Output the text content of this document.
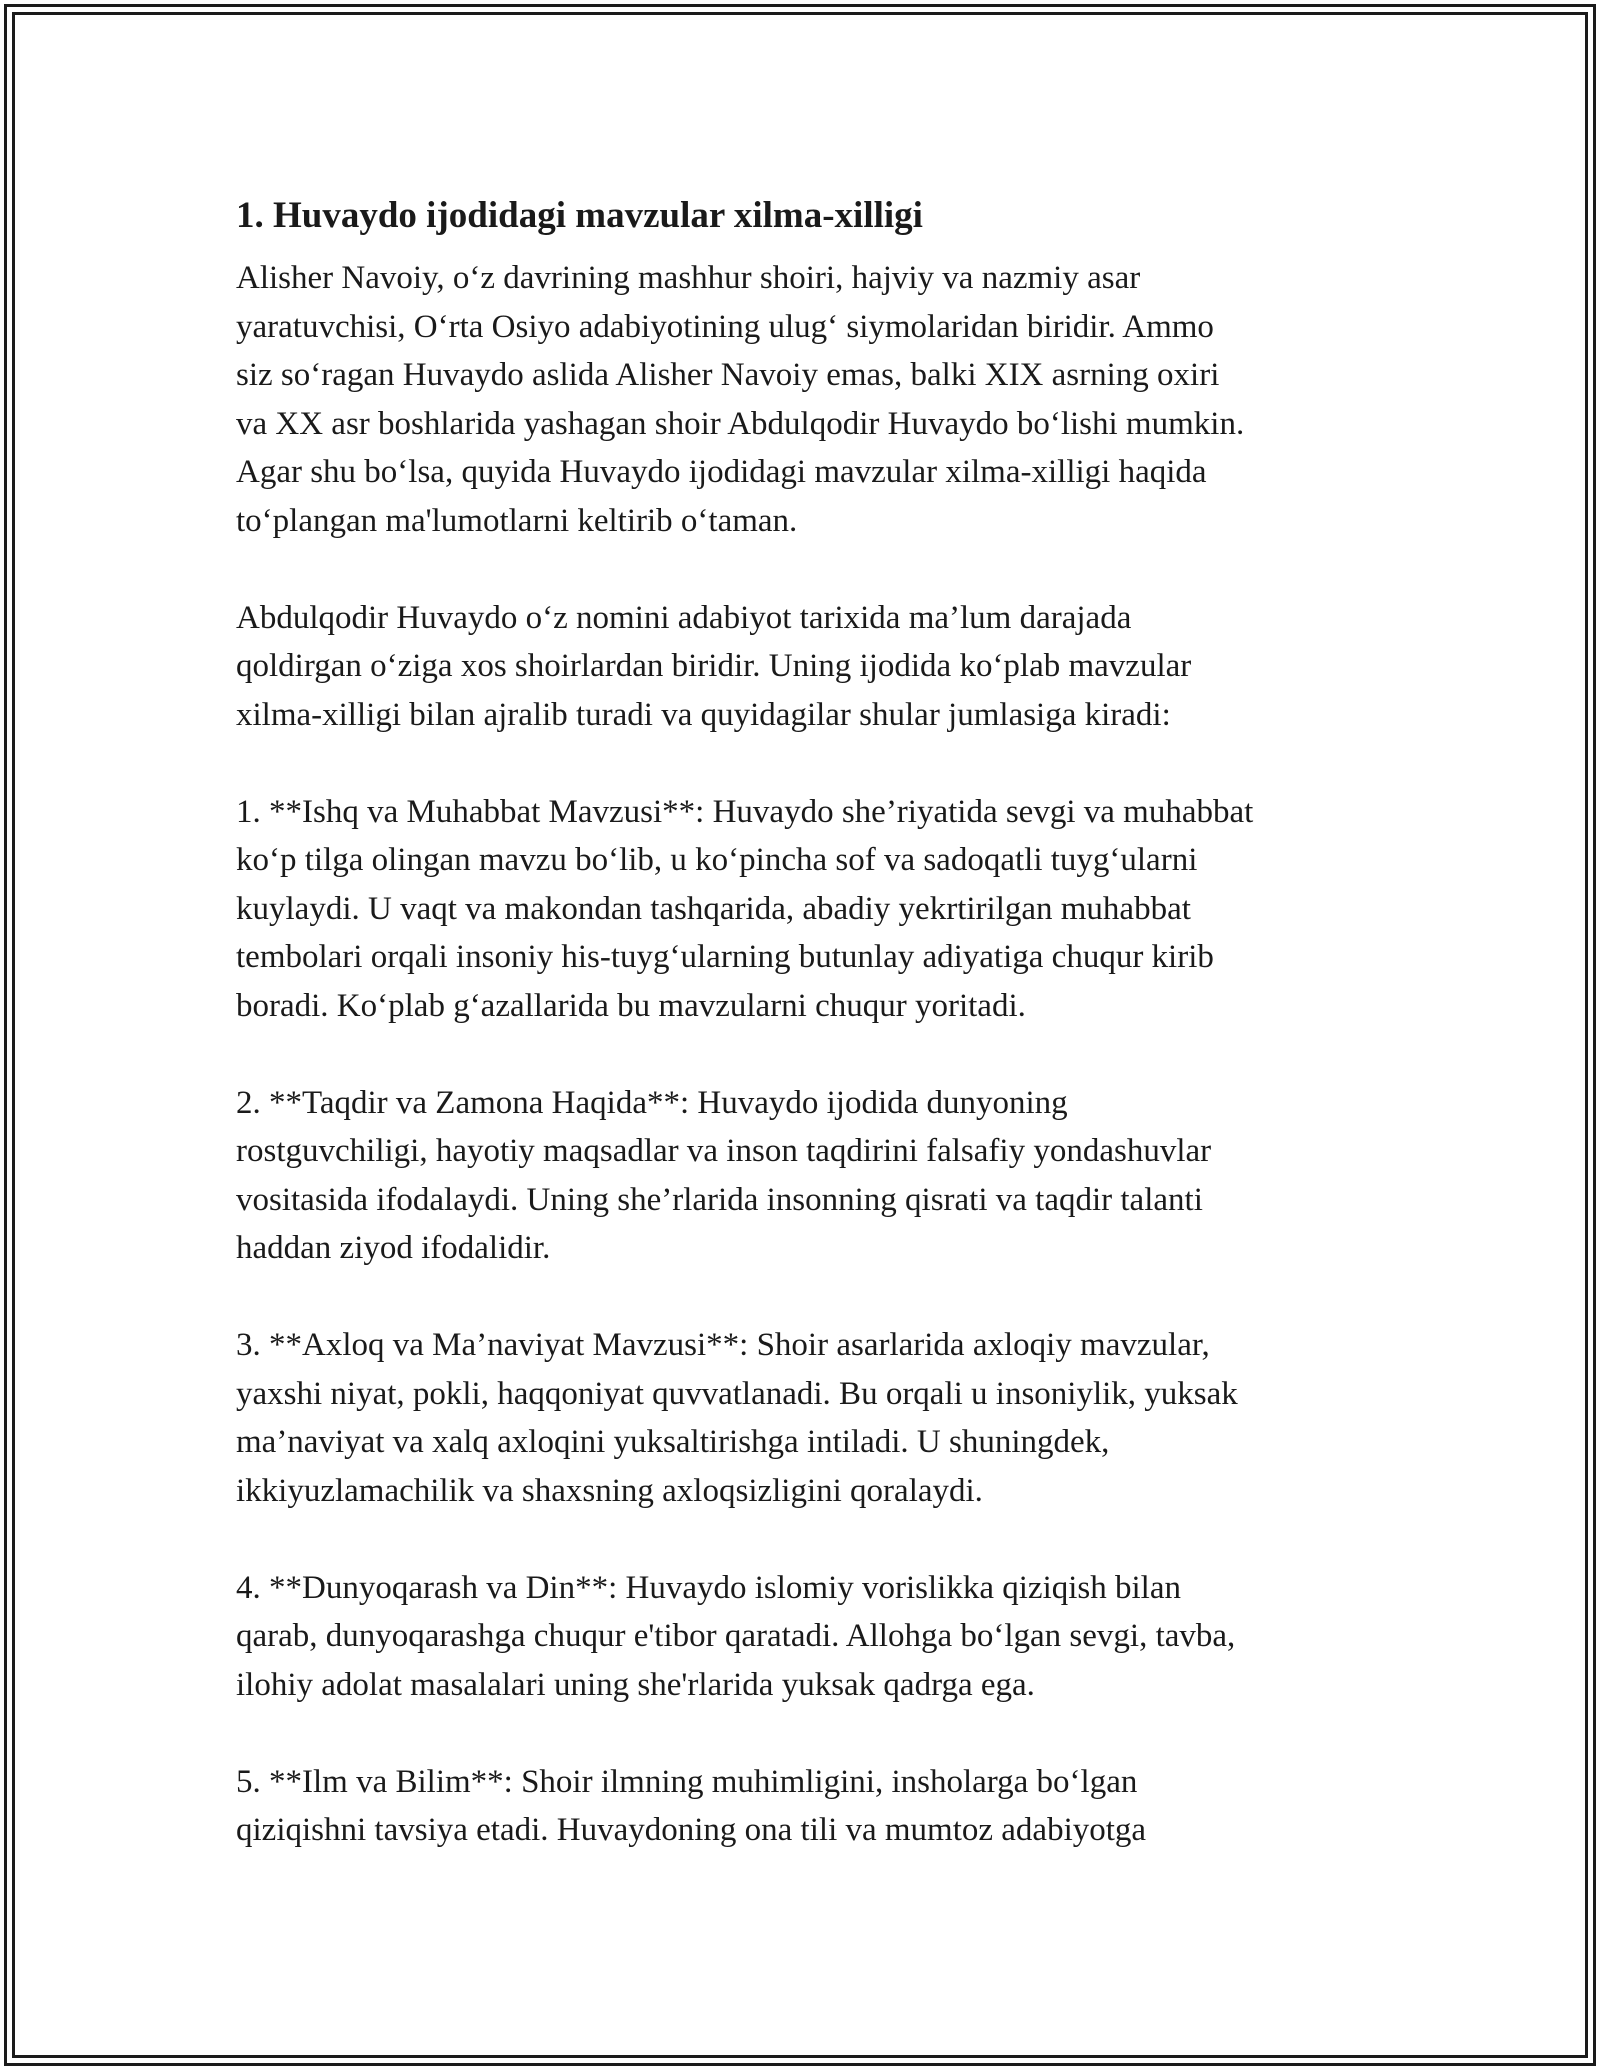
1. Huvaydo ijodidagi mavzular xilma-xilligi

Alisher Navoiy, o‘z davrining mashhur shoiri, hajviy va nazmiy asar
yaratuvchisi, O‘rta Osiyo adabiyotining ulug‘ siymolaridan biridir. Ammo
siz so‘ragan Huvaydo aslida Alisher Navoiy emas, balki XIX asrning oxiri
va XX asr boshlarida yashagan shoir Abdulqodir Huvaydo bo‘lishi mumkin.
Agar shu bo‘lsa, quyida Huvaydo ijodidagi mavzular xilma-xilligi haqida
to‘plangan ma'lumotlarni keltirib o‘taman.

Abdulqodir Huvaydo o‘z nomini adabiyot tarixida ma’lum darajada
qoldirgan o‘ziga xos shoirlardan biridir. Uning ijodida ko‘plab mavzular
xilma-xilligi bilan ajralib turadi va quyidagilar shular jumlasiga kiradi:

1. **Ishq va Muhabbat Mavzusi**: Huvaydo she’riyatida sevgi va muhabbat
ko‘p tilga olingan mavzu bo‘lib, u ko‘pincha sof va sadoqatli tuyg‘ularni
kuylaydi. U vaqt va makondan tashqarida, abadiy yekrtirilgan muhabbat
tembolari orqali insoniy his-tuyg‘ularning butunlay adiyatiga chuqur kirib
boradi. Ko‘plab g‘azallarida bu mavzularni chuqur yoritadi.

2. **Taqdir va Zamona Haqida**: Huvaydo ijodida dunyoning
rostguvchiligi, hayotiy maqsadlar va inson taqdirini falsafiy yondashuvlar
vositasida ifodalaydi. Uning she’rlarida insonning qisrati va taqdir talanti
haddan ziyod ifodalidir.

3. **Axloq va Ma’naviyat Mavzusi**: Shoir asarlarida axloqiy mavzular,
yaxshi niyat, pokli, haqqoniyat quvvatlanadi. Bu orqali u insoniylik, yuksak
ma’naviyat va xalq axloqini yuksaltirishga intiladi. U shuningdek,
ikkiyuzlamachilik va shaxsning axloqsizligini qoralaydi.

4. **Dunyoqarash va Din**: Huvaydo islomiy vorislikka qiziqish bilan
qarab, dunyoqarashga chuqur e'tibor qaratadi. Allohga bo‘lgan sevgi, tavba,
ilohiy adolat masalalari uning she'rlarida yuksak qadrga ega.

5. **Ilm va Bilim**: Shoir ilmning muhimligini, insholarga bo‘lgan
qiziqishni tavsiya etadi. Huvaydoning ona tili va mumtoz adabiyotga
